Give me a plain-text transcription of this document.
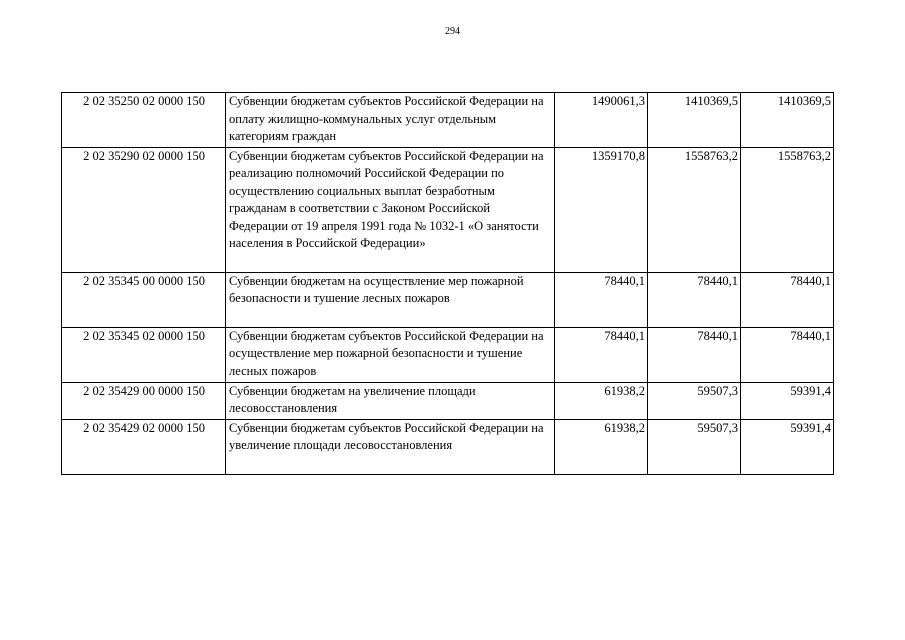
294
2 02 35250 02 0000 150	Субвенции бюджетам субъектов Российской Федерации на оплату жилищно-коммунальных услуг отдельным категориям граждан	1490061,3	1410369,5	1410369,5
2 02 35290 02 0000 150	Субвенции бюджетам субъектов Российской Федерации на реализацию полномочий Российской Федерации по осуществлению социальных выплат безработным гражданам в соответствии с Законом Российской Федерации от 19 апреля 1991 года № 1032-1 «О занятости населения в Российской Федерации»	1359170,8	1558763,2	1558763,2
2 02 35345 00 0000 150	Субвенции бюджетам на осуществление мер пожарной безопасности и тушение лесных пожаров	78440,1	78440,1	78440,1
2 02 35345 02 0000 150	Субвенции бюджетам субъектов Российской Федерации на осуществление мер пожарной безопасности и тушение лесных пожаров	78440,1	78440,1	78440,1
2 02 35429 00 0000 150	Субвенции бюджетам на увеличение площади лесовосстановления	61938,2	59507,3	59391,4
2 02 35429 02 0000 150	Субвенции бюджетам субъектов Российской Федерации на увеличение площади лесовосстановления	61938,2	59507,3	59391,4
